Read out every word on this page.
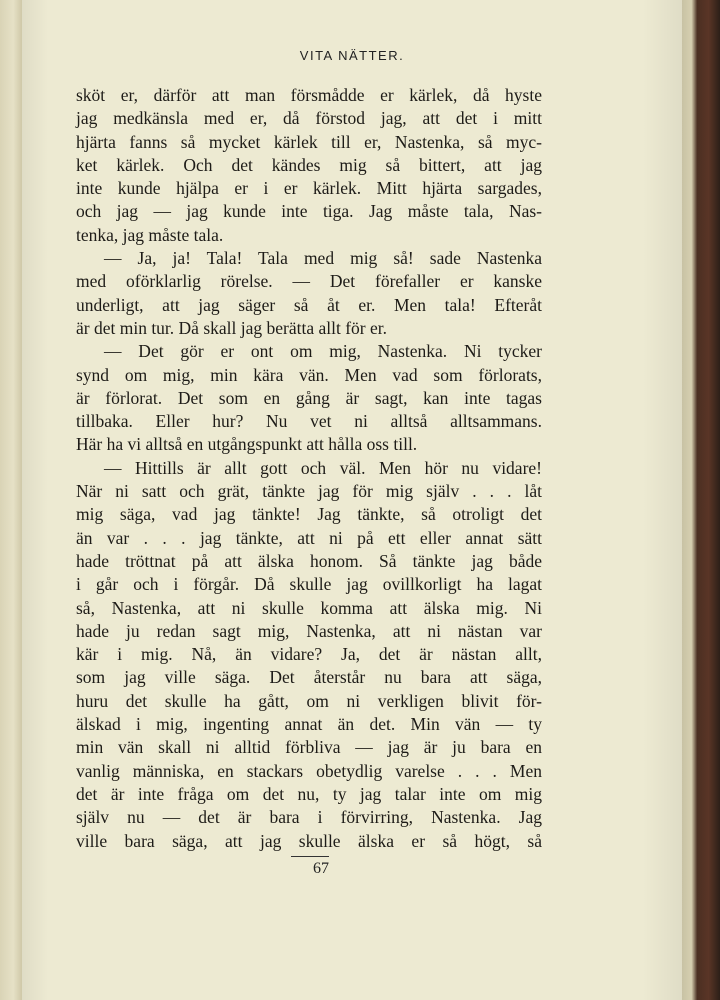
VITA NÄTTER.
sköt er, därför att man försmådde er kärlek, då hyste
jag medkänsla med er, då förstod jag, att det i mitt
hjärta fanns så mycket kärlek till er, Nastenka, så myc-
ket kärlek. Och det kändes mig så bittert, att jag
inte kunde hjälpa er i er kärlek. Mitt hjärta sargades,
och jag — jag kunde inte tiga. Jag måste tala, Nas-
tenka, jag måste tala.
— Ja, ja! Tala! Tala med mig så! sade Nastenka
med oförklarlig rörelse. — Det förefaller er kanske
underligt, att jag säger så åt er. Men tala! Efteråt
är det min tur. Då skall jag berätta allt för er.
— Det gör er ont om mig, Nastenka. Ni tycker
synd om mig, min kära vän. Men vad som förlorats,
är förlorat. Det som en gång är sagt, kan inte tagas
tillbaka. Eller hur? Nu vet ni alltså alltsammans.
Här ha vi alltså en utgångspunkt att hålla oss till.
— Hittills är allt gott och väl. Men hör nu vidare!
När ni satt och grät, tänkte jag för mig själv . . . låt
mig säga, vad jag tänkte! Jag tänkte, så otroligt det
än var . . . jag tänkte, att ni på ett eller annat sätt
hade tröttnat på att älska honom. Så tänkte jag både
i går och i förgår. Då skulle jag ovillkorligt ha lagat
så, Nastenka, att ni skulle komma att älska mig. Ni
hade ju redan sagt mig, Nastenka, att ni nästan var
kär i mig. Nå, än vidare? Ja, det är nästan allt,
som jag ville säga. Det återstår nu bara att säga,
huru det skulle ha gått, om ni verkligen blivit för-
älskad i mig, ingenting annat än det. Min vän — ty
min vän skall ni alltid förbliva — jag är ju bara en
vanlig människa, en stackars obetydlig varelse . . . Men
det är inte fråga om det nu, ty jag talar inte om mig
själv nu — det är bara i förvirring, Nastenka. Jag
ville bara säga, att jag skulle älska er så högt, så
67
